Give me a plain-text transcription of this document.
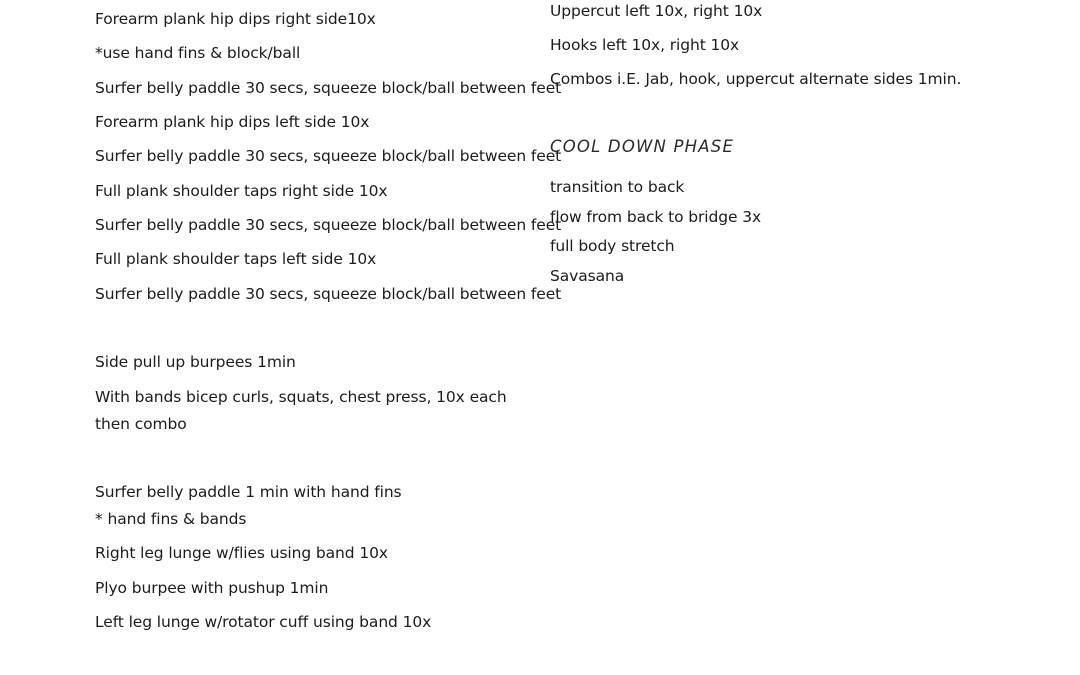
Forearm plank hip dips right side10x
*use hand fins & block/ball
Surfer belly paddle 30 secs, squeeze block/ball between feet
Forearm plank hip dips left side 10x
Surfer belly paddle 30 secs, squeeze block/ball between feet
Full plank shoulder taps right side 10x
Surfer belly paddle 30 secs, squeeze block/ball between feet
Full plank shoulder taps left side 10x
Surfer belly paddle 30 secs, squeeze block/ball between feet
Side pull up burpees 1min
With bands bicep curls, squats, chest press, 10x each then combo
Surfer belly paddle 1 min with hand fins
* hand fins & bands
Right leg lunge w/flies using band 10x
Plyo burpee with pushup 1min
Left leg lunge w/rotator cuff using band 10x
Uppercut left 10x, right 10x
Hooks left 10x, right 10x
Combos i.E. Jab, hook, uppercut alternate sides 1min.
COOL DOWN PHASE
transition to back
flow from back to bridge 3x
full body stretch
Savasana
